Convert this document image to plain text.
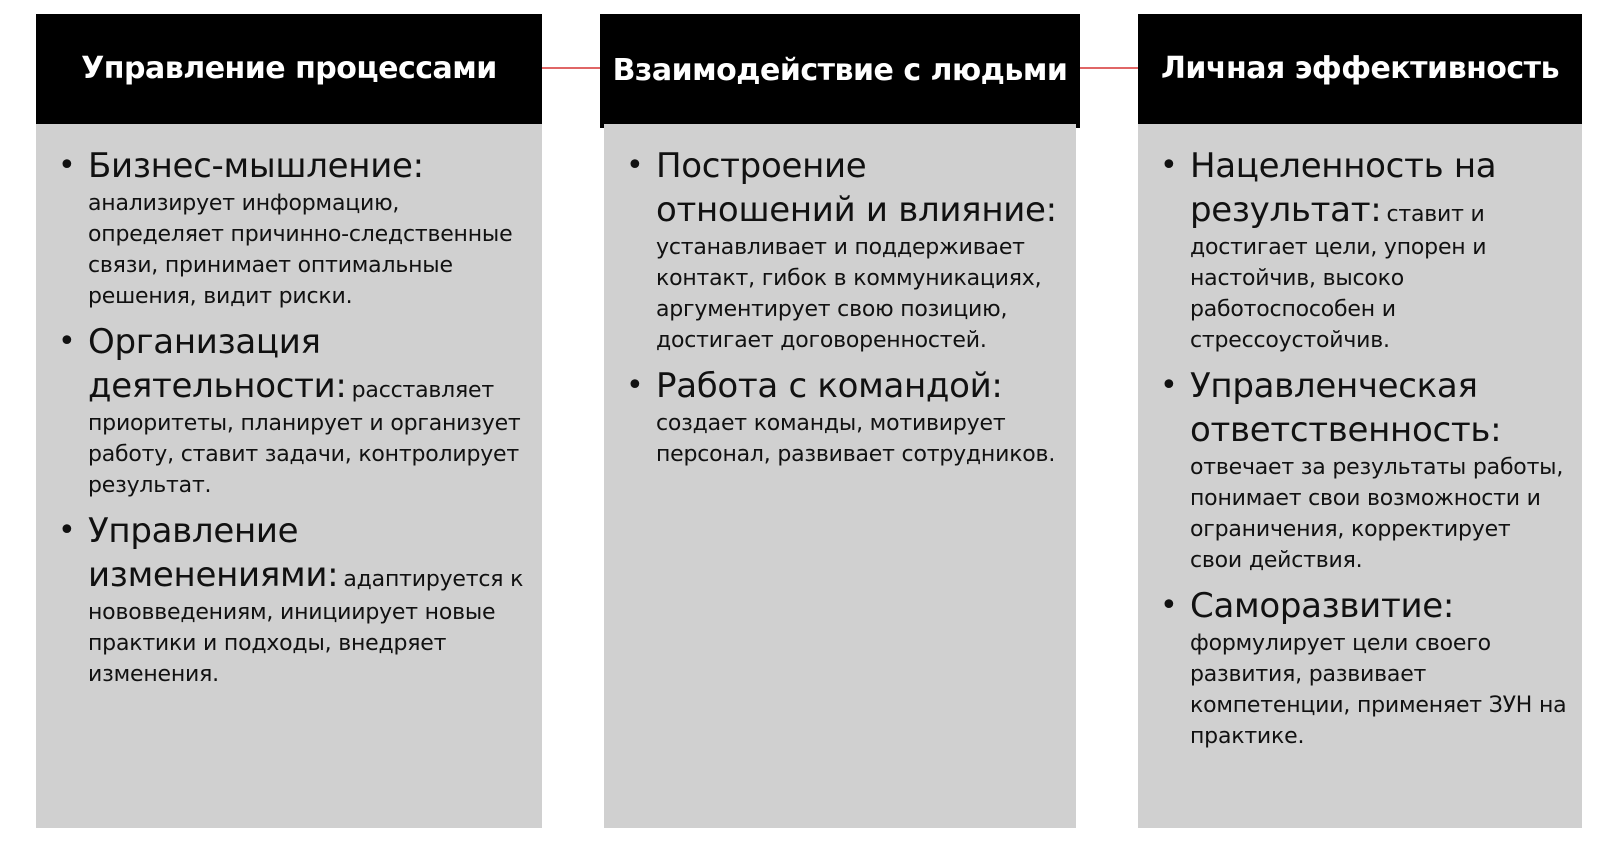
Управление процессами
• Бизнес-мышление: анализирует информацию, определяет причинно-следственные связи, принимает оптимальные решения, видит риски.
• Организация деятельности: расставляет приоритеты, планирует и организует работу, ставит задачи, контролирует результат.
• Управление изменениями: адаптируется к нововведениям, инициирует новые практики и подходы, внедряет изменения.
Взаимодействие с людьми
• Построение отношений и влияние: устанавливает и поддерживает контакт, гибок в коммуникациях, аргументирует свою позицию, достигает договоренностей.
• Работа с командой: создает команды, мотивирует персонал, развивает сотрудников.
Личная эффективность
• Нацеленность на результат: ставит и достигает цели, упорен и настойчив, высоко работоспособен и стрессоустойчив.
• Управленческая ответственность: отвечает за результаты работы, понимает свои возможности и ограничения, корректирует свои действия.
• Саморазвитие: формулирует цели своего развития, развивает компетенции, применяет ЗУН на практике.
